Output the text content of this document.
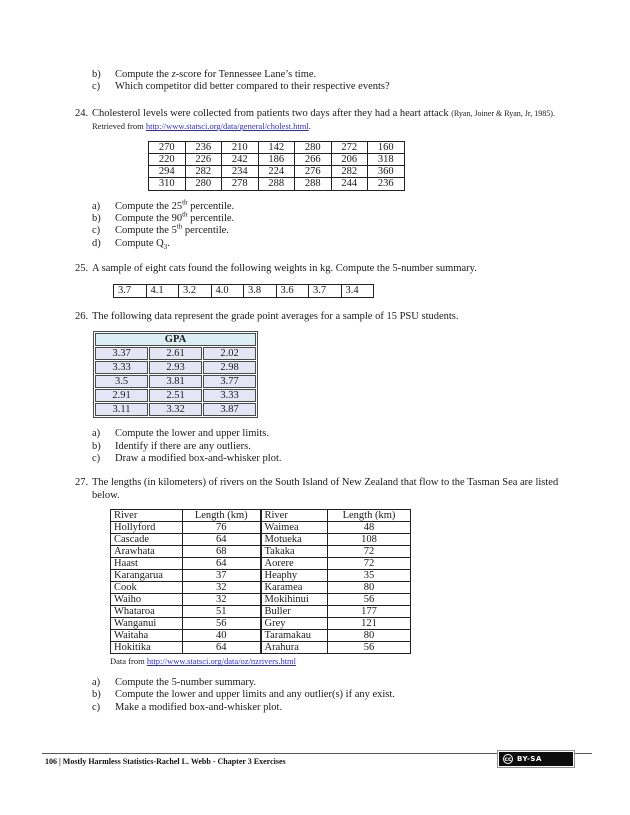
b)	Compute the z-score for Tennessee Lane’s time.
c)	Which competitor did better compared to their respective events?
24. Cholesterol levels were collected from patients two days after they had a heart attack (Ryan, Joiner & Ryan, Jr, 1985).
Retrieved from http://www.statsci.org/data/general/cholest.html.
270	236	210	142	280	272	160
220	226	242	186	266	206	318
294	282	234	224	276	282	360
310	280	278	288	288	244	236
a)	Compute the 25th percentile.
b)	Compute the 90th percentile.
c)	Compute the 5th percentile.
d)	Compute $Q_3$.
25. A sample of eight cats found the following weights in kg. Compute the 5-number summary.
3.7	4.1	3.2	4.0	3.8	3.6	3.7	3.4
26. The following data represent the grade point averages for a sample of 15 PSU students.
GPA		
3.37	2.61	2.02
3.33	2.93	2.98
3.5	3.81	3.77
2.91	2.51	3.33
3.11	3.32	3.87
a)	Compute the lower and upper limits.
b)	Identify if there are any outliers.
c)	Draw a modified box-and-whisker plot.
27. The lengths (in kilometers) of rivers on the South Island of New Zealand that flow to the Tasman Sea are listed
below.
River	Length (km)	River	Length (km)
Hollyford	76	Waimea	48
Cascade	64	Motueka	108
Arawhata	68	Takaka	72
Haast	64	Aorere	72
Karangarua	37	Heaphy	35
Cook	32	Karamea	80
Waiho	32	Mokihinui	56
Whataroa	51	Buller	177
Wanganui	56	Grey	121
Waitaha	40	Taramakau	80
Hokitika	64	Arahura	56
Data from http://www.statsci.org/data/oz/nzrivers.html
a)	Compute the 5-number summary.
b)	Compute the lower and upper limits and any outlier(s) if any exist.
c)	Make a modified box-and-whisker plot.
106 | Mostly Harmless Statistics-Rachel L. Webb - Chapter 3 Exercises	cc BY-SA
